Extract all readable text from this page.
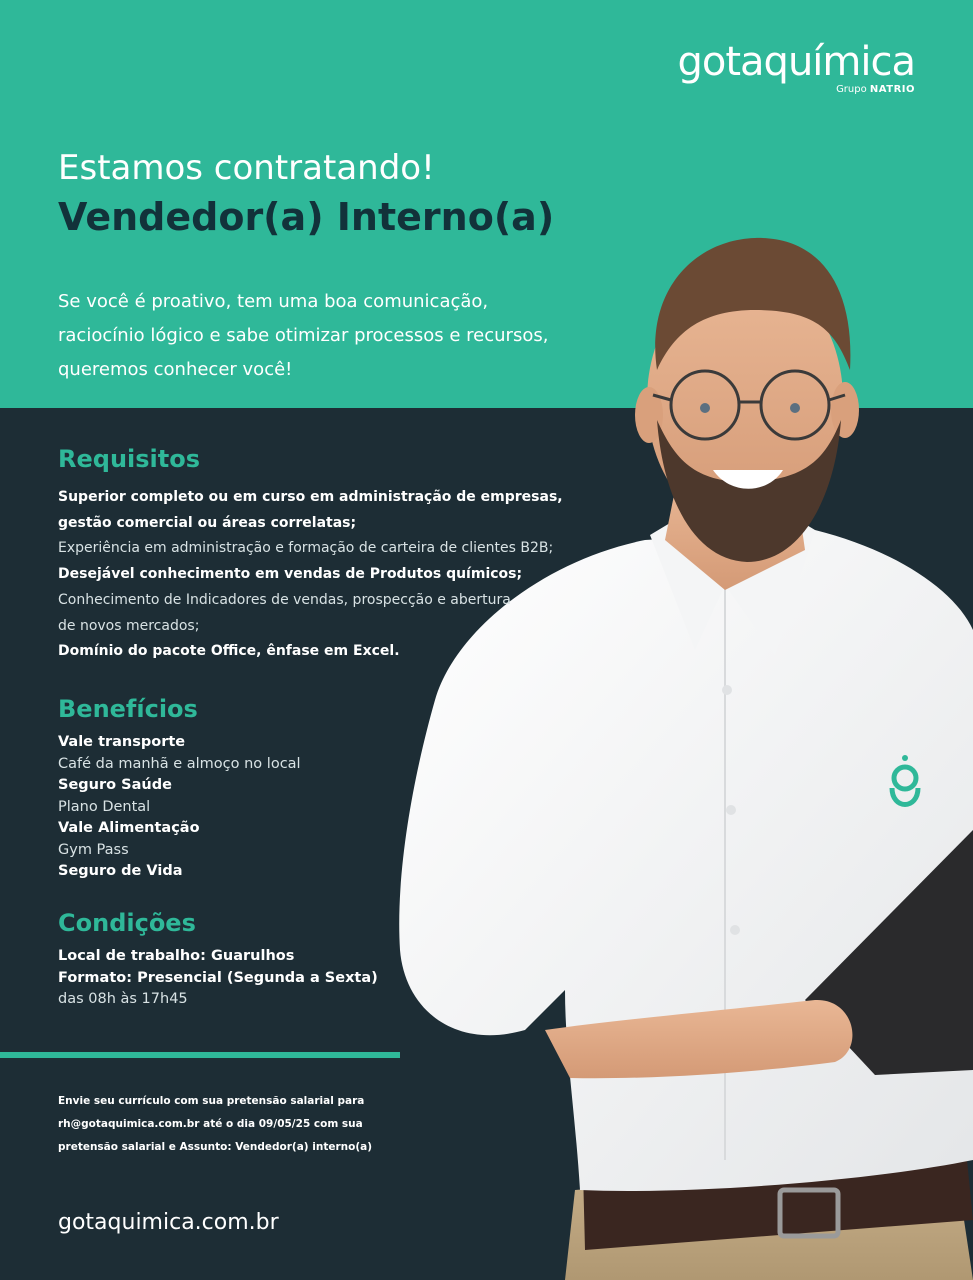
gotaquímica
Grupo NATRIO
Estamos contratando!
Vendedor(a) Interno(a)
Se você é proativo, tem uma boa comunicação,
raciocínio lógico e sabe otimizar processos e recursos,
queremos conhecer você!
Requisitos
Superior completo ou em curso em administração de empresas,
gestão comercial ou áreas correlatas;
Experiência em administração e formação de carteira de clientes B2B;
Desejável conhecimento em vendas de Produtos químicos;
Conhecimento de Indicadores de vendas, prospecção e abertura
de novos mercados;
Domínio do pacote Office, ênfase em Excel.
Benefícios
Vale transporte
Café da manhã e almoço no local
Seguro Saúde
Plano Dental
Vale Alimentação
Gym Pass
Seguro de Vida
Condições
Local de trabalho: Guarulhos
Formato: Presencial (Segunda a Sexta)
das 08h às 17h45
Envie seu currículo com sua pretensão salarial para
rh@gotaquimica.com.br até o dia 09/05/25 com sua
pretensão salarial e Assunto: Vendedor(a) interno(a)
gotaquimica.com.br
